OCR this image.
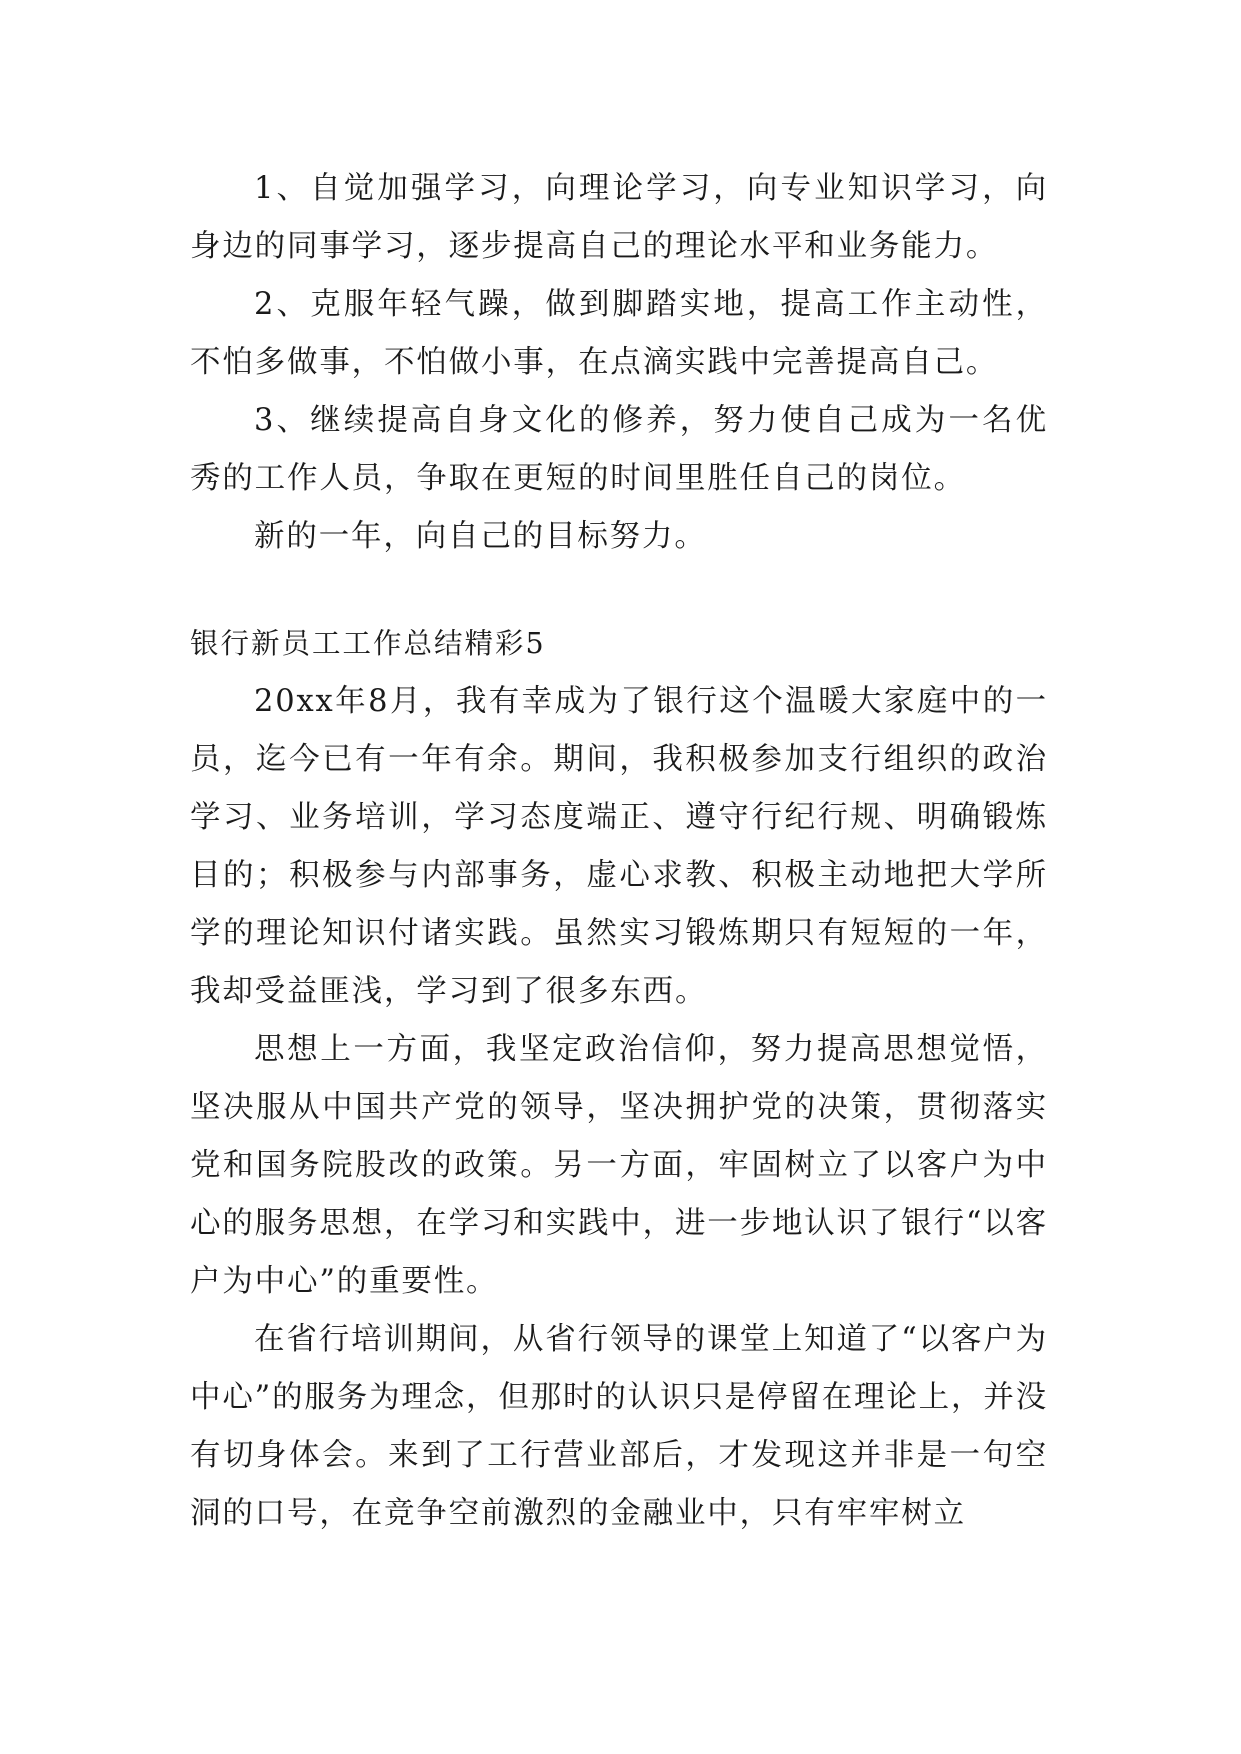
1、自觉加强学习，向理论学习，向专业知识学习，向身边的同事学习，逐步提高自己的理论水平和业务能力。

2、克服年轻气躁，做到脚踏实地，提高工作主动性，不怕多做事，不怕做小事，在点滴实践中完善提高自己。

3、继续提高自身文化的修养，努力使自己成为一名优秀的工作人员，争取在更短的时间里胜任自己的岗位。

新的一年，向自己的目标努力。

银行新员工工作总结精彩5

20xx年8月，我有幸成为了银行这个温暖大家庭中的一员，迄今已有一年有余。期间，我积极参加支行组织的政治学习、业务培训，学习态度端正、遵守行纪行规、明确锻炼目的；积极参与内部事务，虚心求教、积极主动地把大学所学的理论知识付诸实践。虽然实习锻炼期只有短短的一年，我却受益匪浅，学习到了很多东西。

思想上一方面，我坚定政治信仰，努力提高思想觉悟，坚决服从中国共产党的领导，坚决拥护党的决策，贯彻落实党和国务院股改的政策。另一方面，牢固树立了以客户为中心的服务思想，在学习和实践中，进一步地认识了银行“以客户为中心”的重要性。

在省行培训期间，从省行领导的课堂上知道了“以客户为中心”的服务为理念，但那时的认识只是停留在理论上，并没有切身体会。来到了工行营业部后，才发现这并非是一句空洞的口号，在竞争空前激烈的金融业中，只有牢牢树立
